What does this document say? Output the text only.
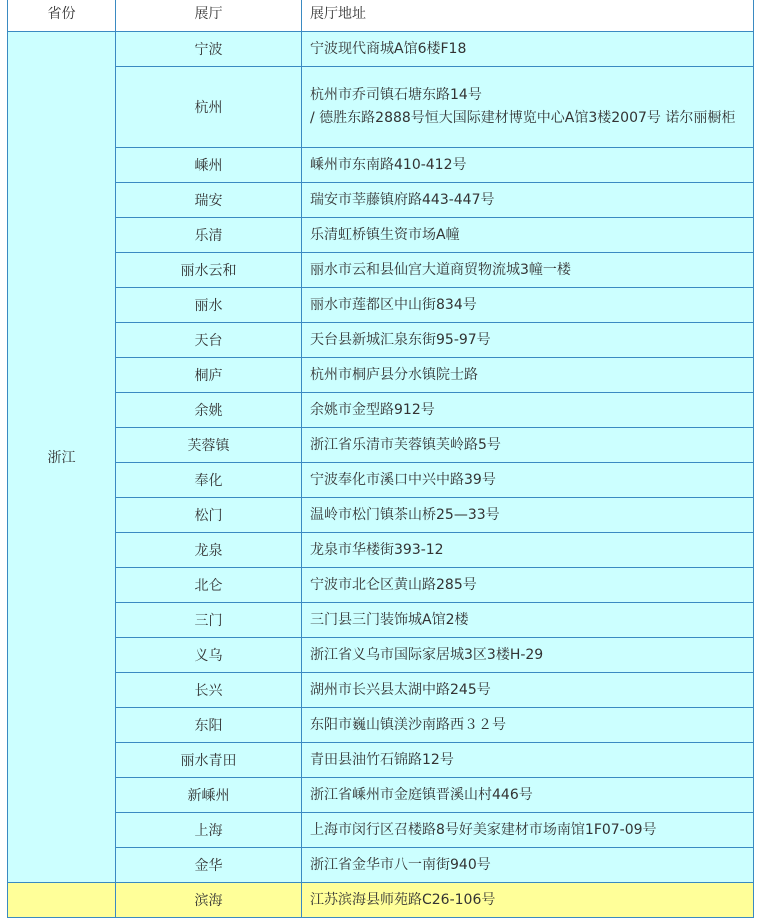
省份	展厅	展厅地址
浙江	宁波	宁波现代商城A馆6楼F18
	杭州	杭州市乔司镇石塘东路14号
/ 德胜东路2888号恒大国际建材博览中心A馆3楼2007号 诺尔丽橱柜
	嵊州	嵊州市东南路410-412号
	瑞安	瑞安市莘藤镇府路443-447号
	乐清	乐清虹桥镇生资市场A幢
	丽水云和	丽水市云和县仙宫大道商贸物流城3幢一楼
	丽水	丽水市莲都区中山街834号
	天台	天台县新城汇泉东街95-97号
	桐庐	杭州市桐庐县分水镇院士路
	余姚	余姚市金型路912号
	芙蓉镇	浙江省乐清市芙蓉镇芙岭路5号
	奉化	宁波奉化市溪口中兴中路39号
	松门	温岭市松门镇茶山桥25—33号
	龙泉	龙泉市华楼街393-12
	北仑	宁波市北仑区黄山路285号
	三门	三门县三门装饰城A馆2楼
	义乌	浙江省义乌市国际家居城3区3楼H-29
	长兴	湖州市长兴县太湖中路245号
	东阳	东阳市巍山镇渼沙南路西３２号
	丽水青田	青田县油竹石锦路12号
	新嵊州	浙江省嵊州市金庭镇晋溪山村446号
	上海	上海市闵行区召楼路8号好美家建材市场南馆1F07-09号
	金华	浙江省金华市八一南街940号
	滨海	江苏滨海县师苑路C26-106号
